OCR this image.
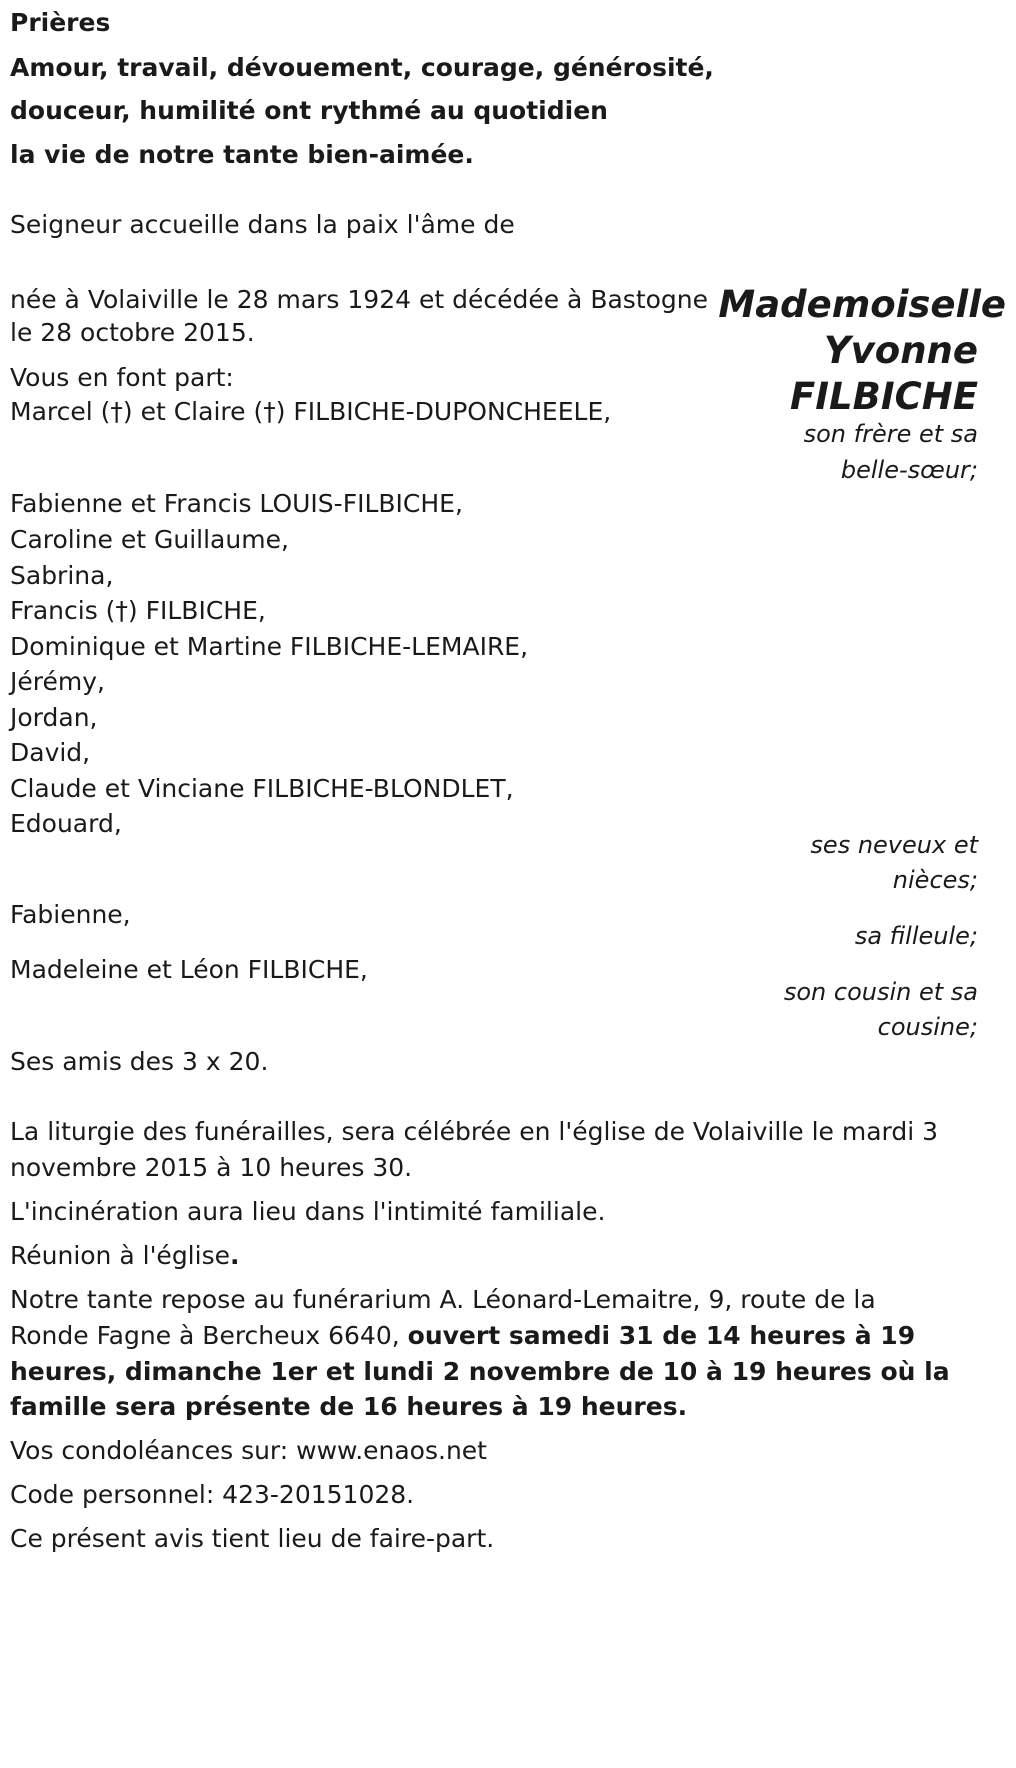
Prières
Amour, travail, dévouement, courage, générosité,
douceur, humilité ont rythmé au quotidien
la vie de notre tante bien-aimée.
Seigneur accueille dans la paix l'âme de
Mademoiselle
Yvonne
FILBICHE
née à Volaiville le 28 mars 1924 et décédée à Bastogne
le 28 octobre 2015.
Vous en font part:
Marcel (†) et Claire (†) FILBICHE-DUPONCHEELE,
son frère et sa
belle-sœur;
Fabienne et Francis LOUIS-FILBICHE,
Caroline et Guillaume,
Sabrina,
Francis (†) FILBICHE,
Dominique et Martine FILBICHE-LEMAIRE,
Jérémy,
Jordan,
David,
Claude et Vinciane FILBICHE-BLONDLET,
Edouard,
ses neveux et
nièces;
Fabienne,
sa filleule;
Madeleine et Léon FILBICHE,
son cousin et sa
cousine;
Ses amis des 3 x 20.
La liturgie des funérailles, sera célébrée en l'église de Volaiville le mardi 3
novembre 2015 à 10 heures 30.
L'incinération aura lieu dans l'intimité familiale.
Réunion à l'église.
Notre tante repose au funérarium A. Léonard-Lemaitre, 9, route de la
Ronde Fagne à Bercheux 6640, ouvert samedi 31 de 14 heures à 19
heures, dimanche 1er et lundi 2 novembre de 10 à 19 heures où la
famille sera présente de 16 heures à 19 heures.
Vos condoléances sur: www.enaos.net
Code personnel: 423-20151028.
Ce présent avis tient lieu de faire-part.
